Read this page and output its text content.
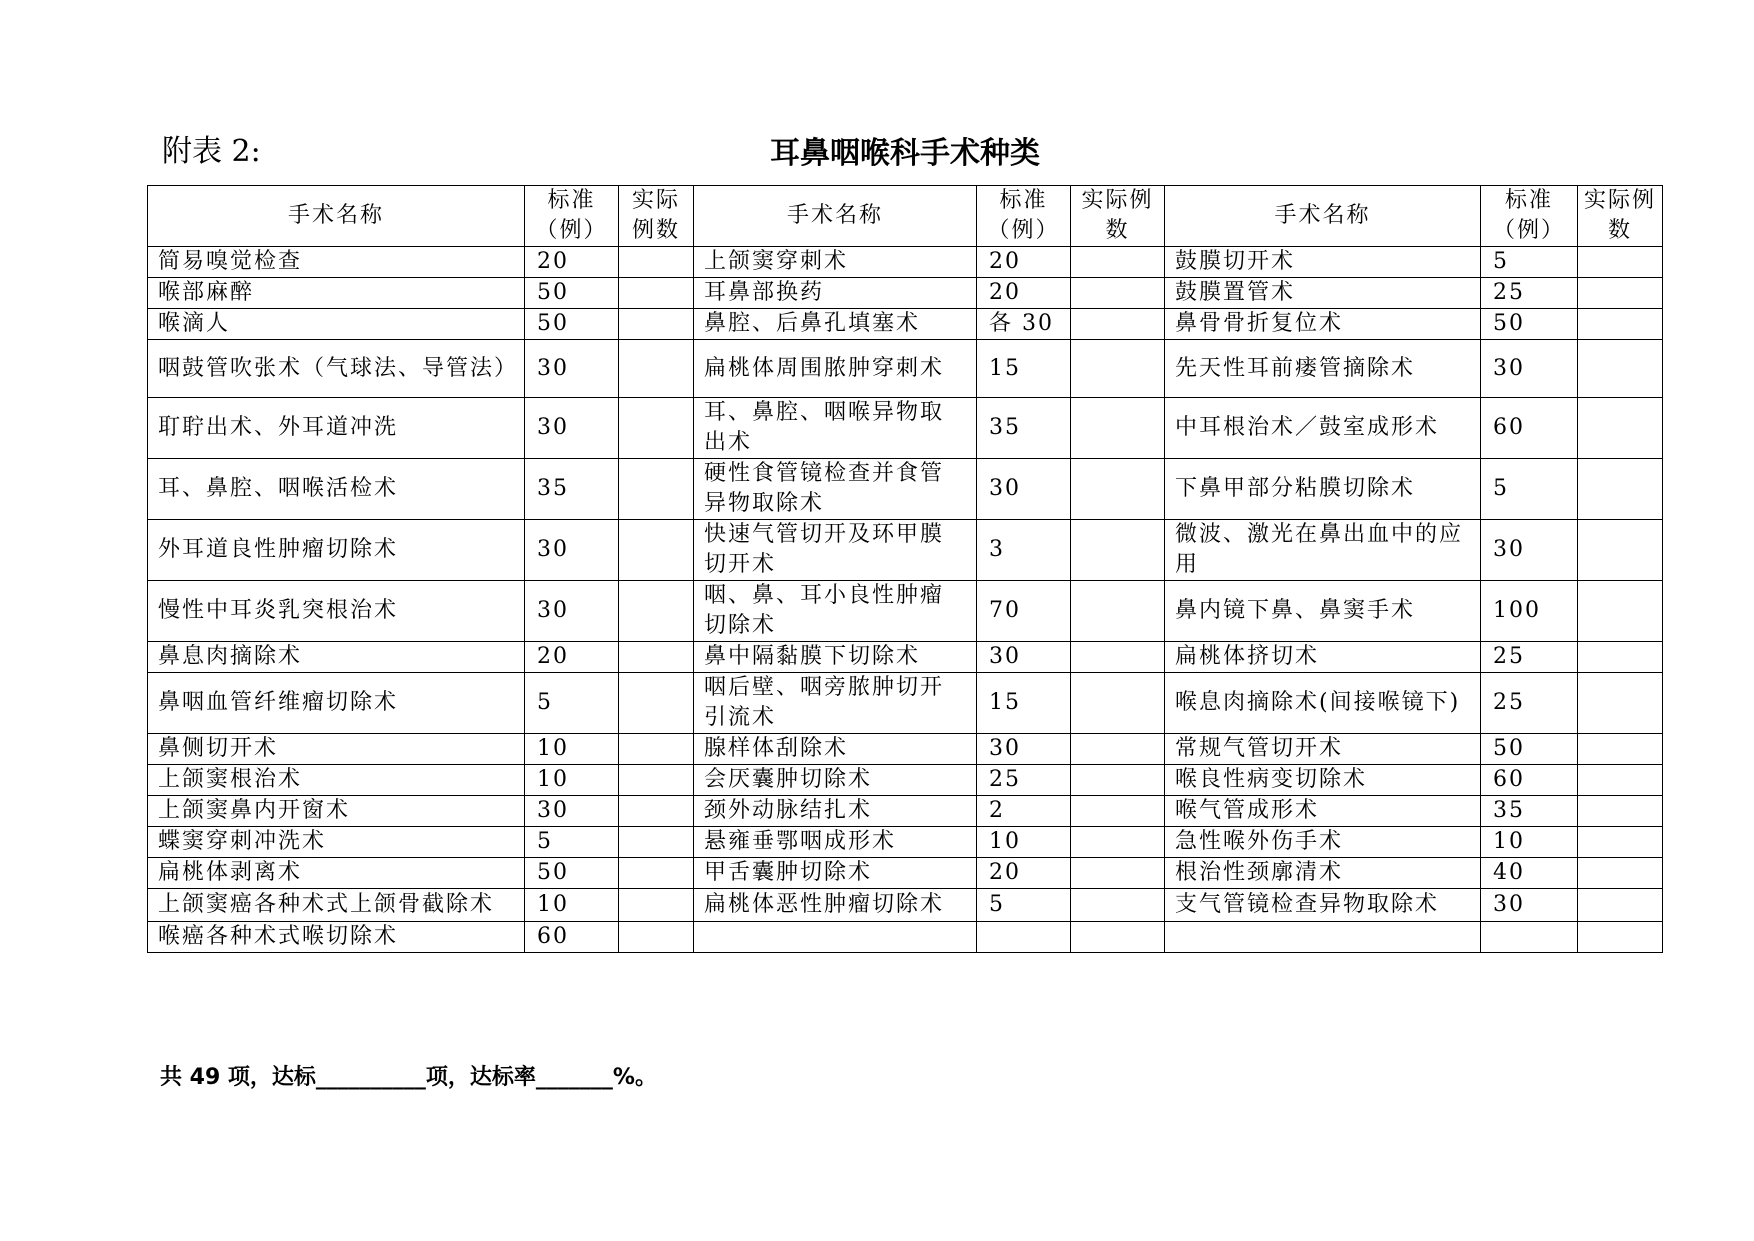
附表 2:	耳鼻咽喉科手术种类
手术名称	标准（例）	实际例数	手术名称	标准（例）	实际例数	手术名称	标准（例）	实际例数
简易嗅觉检查	20		上颌窦穿刺术	20		鼓膜切开术	5	
喉部麻醉	50		耳鼻部换药	20		鼓膜置管术	25	
喉滴人	50		鼻腔、后鼻孔填塞术	各 30		鼻骨骨折复位术	50	
咽鼓管吹张术（气球法、导管法）	30		扁桃体周围脓肿穿刺术	15		先天性耳前瘘管摘除术	30	
耵聍出术、外耳道冲洗	30		耳、鼻腔、咽喉异物取出术	35		中耳根治术／鼓室成形术	60	
耳、鼻腔、咽喉活检术	35		硬性食管镜检查并食管异物取除术	30		下鼻甲部分粘膜切除术	5	
外耳道良性肿瘤切除术	30		快速气管切开及环甲膜切开术	3		微波、激光在鼻出血中的应用	30	
慢性中耳炎乳突根治术	30		咽、鼻、耳小良性肿瘤切除术	70		鼻内镜下鼻、鼻窦手术	100	
鼻息肉摘除术	20		鼻中隔黏膜下切除术	30		扁桃体挤切术	25	
鼻咽血管纤维瘤切除术	5		咽后壁、咽旁脓肿切开引流术	15		喉息肉摘除术(间接喉镜下)	25	
鼻侧切开术	10		腺样体刮除术	30		常规气管切开术	50	
上颌窦根治术	10		会厌囊肿切除术	25		喉良性病变切除术	60	
上颌窦鼻内开窗术	30		颈外动脉结扎术	2		喉气管成形术	35	
蝶窦穿刺冲洗术	5		悬雍垂鄂咽成形术	10		急性喉外伤手术	10	
扁桃体剥离术	50		甲舌囊肿切除术	20		根治性颈廓清术	40	
上颌窦癌各种术式上颌骨截除术	10		扁桃体恶性肿瘤切除术	5		支气管镜检查异物取除术	30	
喉癌各种术式喉切除术	60							
共 49 项，达标__________项，达标率_______%。
